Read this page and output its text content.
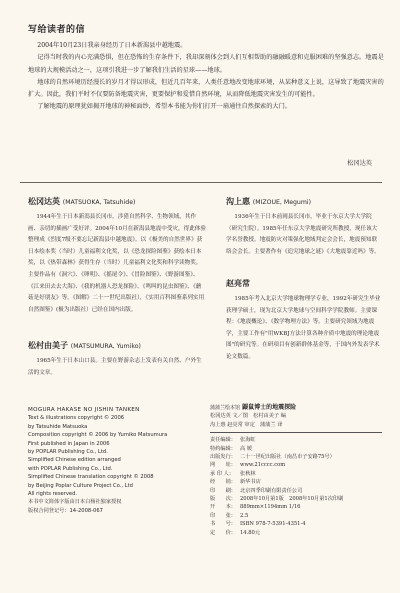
写给读者的信

2004年10月23日我亲身经历了日本新潟县中越地震。

记得当时我的内心充满恐惧，但在恐怖的生存条件下，我却深刻体会到人们互相帮助的融融暖意和克服困难的坚强意志。地震是地球的大规模活动之一，这项引我进一步了解我们生活的星球——地球。

地球的自然环境历经漫长的岁月才得以形成，但近几百年来，人类任意地改变地球环境，从某种意义上说，这导致了地震灾害的扩大。因此，我们平时不仅要防备地震灾害，更要保护和爱惜自然环境，从而降低地震灾害发生的可能性。

了解地震的原理犹如揭开地球的神秘面纱，希望本书能为你们打开一扇通往自然探索的大门。

松冈达英
松冈达英 (MATSUOKA, Tatsuhide)
1944年生于日本新潟县长冈市，涉猎自然科学、生物领域，其作画、亲切的插画广受好评。2004年10月在新潟县地震中受灾，得此体验整理成《烈度7级不要忘记新潟县中越地震》。以《极美的自然世界》获日本绘本奖（当时）儿童福利文化奖，以《恐龙探险图鉴》获绘本日本奖，以《热带森林》获得生存（当时）儿童福利文化奖和科学读物奖。主要作品有《洞穴》、《卵明》、《摇尾令》、《冒险图鉴》、《野游图鉴》、《江来田去去大海》、《我的机器人恐龙探险》、《鸣叫的昆虫图鉴》、《蘑菇是好朋友》等。《图解》二十一世纪出版社），《实用百科图鉴系列实用自然图鉴》(极为出版社）已经在国内出版。
松村由美子 (MATSUMURA, Yumiko)
1965年生于日本山口县。主要在野游杂志上发表有关自然、户外生活的文章。
沟上惠 (MIZOUE, Megumi)
1936年生于日本前岡县长冈市，毕业于东京大学大学院（研究生院）。1985年任东京大学地震研究所教授，现任该大学名誉教授。地震防灾对策强化地域判定会会长，地震预知联络会会长。主要著作有《追究地球之谜》《大地震靠近吗》等。
赵亮常
1985年考入北京大学地球物理学专业，1992年研究生毕业获理学硕士，现为北京大学地球与空间科学学院教师。主要课程：《地震概论》、《数学物理方法》等。主要研究领域为地震学，主要工作有"用WKBJ方法计算各种介质中地震的理论地震图"的研究等。在研项目有创新群体基金等，于国内外发表学术论文数篇。
MOGURA HAKASE NO JISHIN TANKEN
Text & illustrations copyright © 2006
by Tatsuhide Matsuoka
Composition copyright © 2006 by Yumiko Matsumura
First published in Japan in 2006
by POPLAR Publishing Co., Ltd.
Simplified Chinese edition arranged
with POPLAR Publishing Co., Ltd.
Simplified Chinese translation copyright © 2008
by Beijing Poplar Culture Project Co., Ltd
All rights reserved.
本书中文简体字版由日本白杨社独家授权
版权合同登记号：14-2008-067
蒲蒲兰绘本馆 鼹鼠博士的地震探险
松冈达英 文／图　松村由美子 编
沟上惠 赵亮常 审定　蒲蒲兰 译
责任编辑： 张海虹
特约编辑： 高 媛
出版发行： 二十一世纪出版社（南昌市子安路75号）
网　　址： www.21cccc.com
承 印 人：	张秋林
经　　销： 新华书店
印　　刷： 北京四季印刷有限责任公司
版　　次： 2008年10月第1版　2008年10月第1次印刷
开　　本： 889mm×1194mm 1/16
印　　张： 2.5
书　　号： ISBN 978-7-5391-4351-4
定　　价： 14.80元
